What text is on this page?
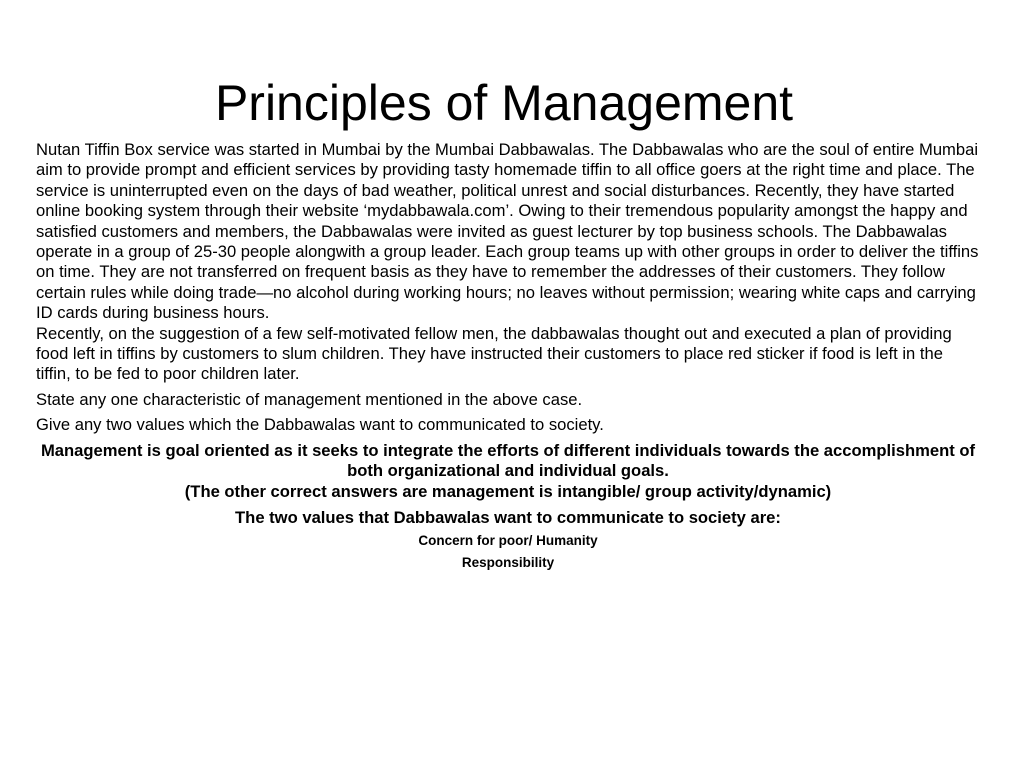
Principles of Management

Nutan Tiffin Box service was started in Mumbai by the Mumbai Dabbawalas. The Dabbawalas who are the soul of entire Mumbai aim to provide prompt and efficient services by providing tasty homemade tiffin to all office goers at the right time and place. The service is uninterrupted even on the days of bad weather, political unrest and social disturbances. Recently, they have started online booking system through their website ‘mydabbawala.com’. Owing to their tremendous popularity amongst the happy and satisfied customers and members, the Dabbawalas were invited as guest lecturer by top business schools. The Dabbawalas operate in a group of 25-30 people alongwith a group leader. Each group teams up with other groups in order to deliver the tiffins on time. They are not transferred on frequent basis as they have to remember the addresses of their customers. They follow certain rules while doing trade—no alcohol during working hours; no leaves without permission; wearing white caps and carrying ID cards during business hours.

Recently, on the suggestion of a few self-motivated fellow men, the dabbawalas thought out and executed a plan of providing food left in tiffins by customers to slum children. They have instructed their customers to place red sticker if food is left in the tiffin, to be fed to poor children later.

State any one characteristic of management mentioned in the above case.

Give any two values which the Dabbawalas want to communicated to society.

Management is goal oriented as it seeks to integrate the efforts of different individuals towards the accomplishment of both organizational and individual goals.

(The other correct answers are management is intangible/ group activity/dynamic)

The two values that Dabbawalas want to communicate to society are:

Concern for poor/ Humanity

Responsibility
